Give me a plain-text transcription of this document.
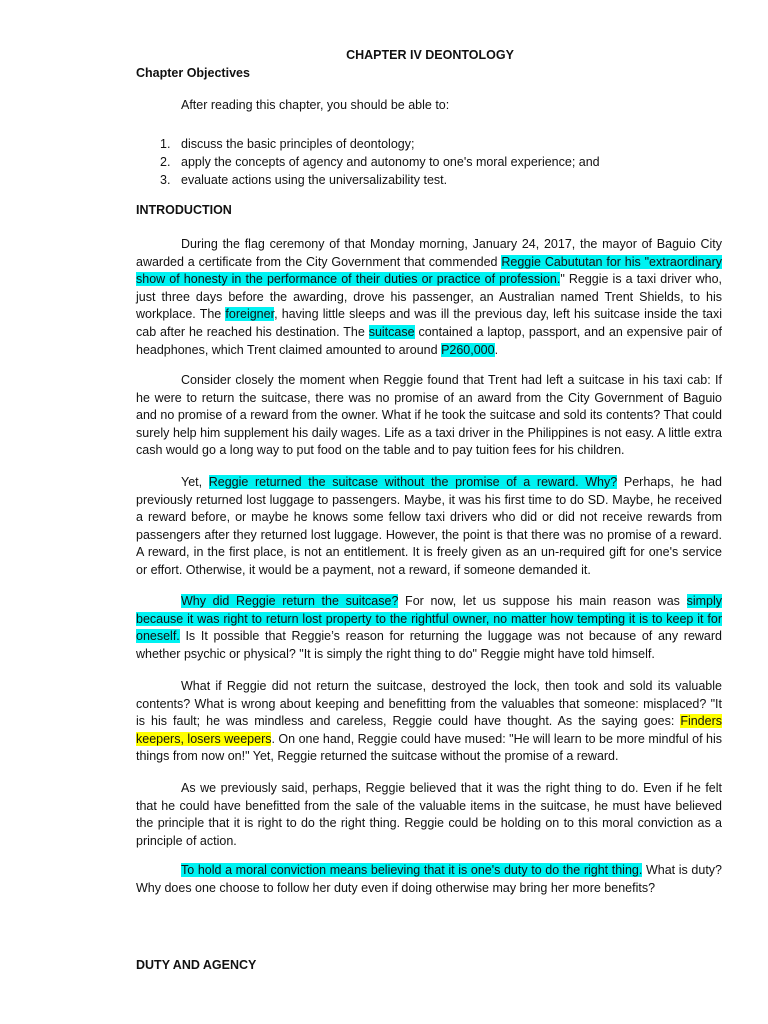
CHAPTER IV DEONTOLOGY
Chapter Objectives
After reading this chapter, you should be able to:
1. discuss the basic principles of deontology;
2. apply the concepts of agency and autonomy to one's moral experience; and
3. evaluate actions using the universalizability test.
INTRODUCTION

During the flag ceremony of that Monday morning, January 24, 2017, the mayor of Baguio City awarded a certificate from the City Government that commended Reggie Cabututan for his "extraordinary show of honesty in the performance of their duties or practice of profession." Reggie is a taxi driver who, just three days before the awarding, drove his passenger, an Australian named Trent Shields, to his workplace. The foreigner, having little sleeps and was ill the previous day, left his suitcase inside the taxi cab after he reached his destination. The suitcase contained a laptop, passport, and an expensive pair of headphones, which Trent claimed amounted to around P260,000.

Consider closely the moment when Reggie found that Trent had left a suitcase in his taxi cab: If he were to return the suitcase, there was no promise of an award from the City Government of Baguio and no promise of a reward from the owner. What if he took the suitcase and sold its contents? That could surely help him supplement his daily wages. Life as a taxi driver in the Philippines is not easy. A little extra cash would go a long way to put food on the table and to pay tuition fees for his children.

Yet, Reggie returned the suitcase without the promise of a reward. Why? Perhaps, he had previously returned lost luggage to passengers. Maybe, it was his first time to do SD. Maybe, he received a reward before, or maybe he knows some fellow taxi drivers who did or did not receive rewards from passengers after they returned lost luggage. However, the point is that there was no promise of a reward. A reward, in the first place, is not an entitlement. It is freely given as an un-required gift for one's service or effort. Otherwise, it would be a payment, not a reward, if someone demanded it.

Why did Reggie return the suitcase? For now, let us suppose his main reason was simply because it was right to return lost property to the rightful owner, no matter how tempting it is to keep it for oneself. Is It possible that Reggie’s reason for returning the luggage was not because of any reward whether psychic or physical? "It is simply the right thing to do" Reggie might have told himself.

What if Reggie did not return the suitcase, destroyed the lock, then took and sold its valuable contents? What is wrong about keeping and benefitting from the valuables that someone: misplaced? "It is his fault; he was mindless and careless, Reggie could have thought. As the saying goes: Finders keepers, losers weepers. On one hand, Reggie could have mused: "He will learn to be more mindful of his things from now on!" Yet, Reggie returned the suitcase without the promise of a reward.

As we previously said, perhaps, Reggie believed that it was the right thing to do. Even if he felt that he could have benefitted from the sale of the valuable items in the suitcase, he must have believed the principle that it is right to do the right thing. Reggie could be holding on to this moral conviction as a principle of action.

To hold a moral conviction means believing that it is one's duty to do the right thing. What is duty? Why does one choose to follow her duty even if doing otherwise may bring her more benefits?

DUTY AND AGENCY
